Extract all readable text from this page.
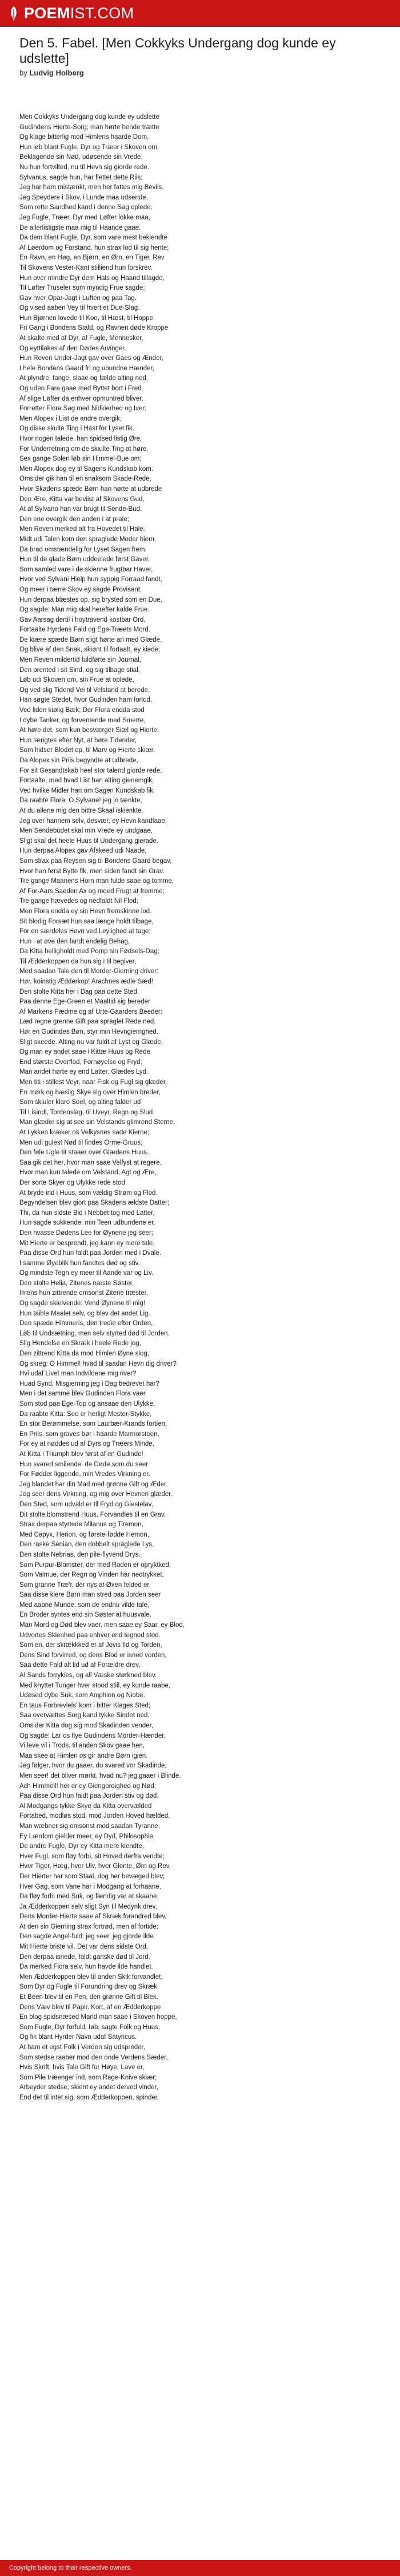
POEMIST.COM
Den 5. Fabel. [Men Cokkyks Undergang dog kunde ey udslette]
by Ludvig Holberg
Men Cokkyks Undergang dog kunde ey udslette
Gudindens Hierte-Sorg; man hørte hende trætte
Og klage bitterlig mod Himlens haarde Dom,
Hun løb blant Fugle, Dyr og Træer i Skoven om,
Beklagende sin Nød, udøsende sin Vrede.
Nu hun fortvilted, nu til Hevn sig giorde rede.
Sylvanus, sagde hun, har flettet dette Riis;
Jeg har ham mistænkt, men her fattes mig Beviis.
Jeg Speydere i Skov, i Lunde maa udsende,
Som rette Sandhed kand i denne Sag oplede;
Jeg Fugle, Træer, Dyr med Løfter lokke maa,
De allerlistigste maa mig til Haande gaae.
Da dem blant Fugle, Dyr, som vare mest bekiendte
Af Løerdom og Forstand, hun strax lod til sig hente;
En Ravn, en Høg, en Bjørn, en Ørn, en Tiger, Rev
Til Skovens Vester-Kant stilliend hun forskrev.
Hun over mindre Dyr dem Hals og Haand tillagde,
Til Løfter Truseler som myndig Frue sagde;
Gav hver Opar-Jagt i Luften og paa Tag.
Og vised aaben Vey til hvert et Due-Slag.
Hun Bjørnen lovede til Koe, til Hæst, til Hoppe
Fri Gang i Bondens Stald, og Ravnen døde Kroppe
At skalte med af Dyr, af Fugle, Mennesker,
Og eyttilakes af den Dødes Arvinger.
Hun Reven Under-Jagt gav over Gaes og Ænder,
I hele Bondens Gaard fri og ubundne Hænder,
At plyndre, fange, slaae og fælde alting ned,
Og uden Fare gaae med Byttet bort i Fred.
Af slige Løfter da enhver opmuntred bliver,
Forretter Flora Sag med Nidkierhed og Iver;
Men Alopex i List de andre overgik,
Og disse skulte Ting i Hast for Lyset fik.
Hvor nogen talede, han spidsed listig Øre,
For Underretning om de skiulte Ting at høre.
Sex gange Solen løb sin Himmel-Bue om;
Men Alopex dog ey til Sagens Kundskab kom.
Omsider gik han til en snaksom Skade-Rede,
Hvor Skadens spæde Børn han hørte at udbrede
Den Ære, Kitta var beviist af Skovens Gud,
At af Sylvano han var brugt til Sende-Bud.
Den ene overgik den anden i at prale;
Men Reven merked alt fra Hovedet til Hale.
Midt udi Talen kom den spraglede Moder hiem,
Da brad omstændelig for Lyset Sagen frem.
Hun til de glade Børn uddeelede først Gaver,
Som samled vare i de skienne frugtbar Haver,
Hvor ved Sylvani Hielp hun syppig Forraad fandt,
Og meer i tærre Skov ey sagde Provisant.
Hun derpaa blæstes op, sig brysted som en Due,
Og sagde: Man mig skal herefter kalde Frue.
Gav Aarsag dertil i hoytravend kostbar Ord,
Fortaalte Hyrdens Fald og Ege-Træets Mord.
De kiære spæde Børn sligt hørte an med Glæde,
Og blive af den Snak, skiønt til fortaalt, ey kiede;
Men Reven mildertid fuldførte sin Journal,
Den prented i sit Sind, og sig tilbage stial,
Løb udi Skoven om, sin Frue at oplede,
Og ved slig Tidend Vei til Velstand at berede.
Han søgte Stedet, hvor Gudinden ham forlod,
Ved liden kiølig Bæk; Der Flora endda stod
I dybe Tanker, og forventende med Smerte,
At høre det, som kun besværger Siæl og Hierte.
Hun længtes efter Nyt, at høre Tidender,
Som hidser Blodet op, til Marv og Hierte skiær.
Da Alopex sin Priis begyndte at udbrede,
For sit Gesandtskab heel stor talend giorde rede,
Fortaalte, med hvad List han alting gienemgik,
Ved hvilke Midler han om Sagen Kundskab fik.
Da raabte Flora: O Sylvane! jeg jo tænkte,
At du allene mig den bittre Skaal iskienkte.
Jeg over hannem selv, desvær, ey Hevn kandfaae;
Men Sendebudet skal min Vrede ey undgaae,
Sligt skal det heele Huus til Undergang gierade.
Hun derpaa Alopex gav Afskeed udi Naade,
Som strax paa Reysen sig til Bondens Gaard begav,
Hvor han først Bytte fik, men siden fandt sin Grav.
Tre gange Maanens Horn man fulde saae og tomme,
Af For-Aars Saeden Ax og moed Frugt at fromme;
Tre gange hævedes og nedfaldt Nil Flod;
Men Flora endda ey sin Hevn fremskinne lod.
Sit blodig Forsæt hun saa længe holdt tilbage,
For en særdeles Hevn ved Leylighed at tage;
Hun i at øve den fandt endelig Behag,
Da Kitta helligholdt med Pomp sin Fødsels-Dag;
Til Ædderkoppen da hun sig i til begiver,
Med saadan Tale den til Morder-Gierning driver:
Hør, koinstig Ædderkop! Arachnes ædle Sæd!
Den stolte Kitta her i Dag paa dette Sted,
Paa denne Ege-Green et Maaltid sig bereder
Af Markens Fædme og af Urte-Gaarders Beeder;
Læd regne grenne Gift paa spraglet Rede ned,
Hør en Gudindes Bøn, styr min Hevngierrighed.
Sligt skeede. Alting nu var fuldt af Lyst og Glæde,
Og man ey andet saae i Kittæ Huus og Rede
End største Overflod, Fornøyelse og Fryd;
Man andet hørte ey end Latter, Glædes Lyd.
Men titi i stillest Veyr, naar Fisk og Fugl sig glæder,
En mørk og hæslig Skye sig over Himlen breder,
Som skiuler klare Soel, og alting falder ud
Til Lisindl, Tordenslag, til Uveyr, Regn og Slud.
Man glæder sig at see sin Velstands glimrend Sterne,
At Lykken kræker os Velkysnes sade Kierne;
Men udi gulest Nød til findes Orme-Gruus,
Den føle Ugle tit staaer over Glædens Huus.
Saa gik det her, hvor man saae Velfyst at regere,
Hvor man kun talede om Velstand, Agt og Ære,
Der sorte Skyer og Ulykke rede stod
At bryde ind i Huus, som vældig Strøm og Flod.
Begyndelsen blev giort paa Skadens ældste Datter;
Thi, da hun sidste Bid i Nebbet tog med Latter,
Hun sagde sukkende: min Teen udbundene er,
Den hvasse Dødens Lee for Øynene jeg seer;
Mit Hierte er besprendt, jeg kann ey mere tale.
Paa disse Ord hun faldt paa Jorden med i Dvale.
I samme Øyeblik hun fandtes død og stiv,
Og mindste Tegn ey meer til Aande var og Liv.
Den stolte Helia, Zitenes næste Søster,
Imens hun zittrende omsonst Zitene træster,
Og sagde skielvende: Vend Øynene til mig!
Hun taible Maalet selv, og blev det andet Lig.
Den spæde Himmeris, den tredie efter Orden,
Løb til Undsætning, men selv styrted død til Jorden.
Slig Hendelse en Skræk i heele Rede jog,
Den zittrend Kitta da mod Himlen Øyne slog,
Og skreg: O Himmel! hvad til saadan Hevn dig driver?
Hvi udaf Livet man Indvildene mig river?
Huad Synd, Misgierning jeg i Dag bedrevet har?
Men i det samme blev Gudinden Flora vaer,
Som stod paa Ege-Top og ansaae den Ulykke.
Da raabte Kitta: See er herligt Mester-Stykke,
En stor Berømmelse, som Laurbær-Krands fortien,
En Priis, som graves bør i haarde Marmorsteen,
For ey at nøddes ud af Dyrs og Træers Minde,
At Kitta i Triumph blev først af en Gudinde!
Hun svared smilende: de Døde,som du seer
For Fødder liggende, min Vredes Virkning er.
Jeg blandet har din Mad med grønne Gift og Æder.
Jeg seer dens Virkning, og mig over Hevnen glæder.
Den Sted, som udvald er til Fryd og Giestelav,
Dit stolte blomstrend Huus, Forvandles til en Grav.
Strax derpaa styrtede Milanus og Tiremon,
Med Capyx, Herion, og første-fødde Hemon,
Den raske Senian, den dobbelt spraglede Lys,
Den stolte Nebrias, den pile-flyvend Drys.
Som Purpur-Blomster, der med Roden er opryktked,
Som Valmue, der Regn og Vinden har nedtrykket,
Som granne Træ'r, der nys af Øxen felded er,
Saa disse kiere Børn man stred paa Jorden seer
Med aabne Munde, som de endnu vilde tale,
En Broder syntes end sin Søster at huusvale.
Man Mord og Død blev vaer, men saae ey Saar, ey Blod,
Udvortes Skienhed paa enhver end tegned stod.
Som en, der skrækkked er af Jovis Ild og Torden,
Dens Sind forvirred, og dens Blod er isned vorden,
Saa dette Fald alt lid ud af Forældre drev,
Al Sands forrykies, og all Væske størkned blev.
Med knyttet Tunger hver stood stiil, ey kunde raabe,
Udøsed dybe Suk, som Amphion og Niobe.
En taus Forbrevlels' kom i bitter Klages Sted;
Saa overvættes Sorg kand tykke Sindet ned.
Omsider Kitta dog sig mod Skadinden vender,
Og sagde: Lar os flye Gudindens Morder-Hænder.
Vi leve vil i Trods, til anden Skov gaae hen,
Maa skee at Himlen os gir andre Børn igien.
Jeg følger, hvor du gaaer, du svared vor Skadinde;
Men seer! det bliver mørkt, hvad nu? jeg gaaer i Blinde.
Ach Himmell! her er ey Giengordighed og Nød;
Paa disse Ord hun faldt paa Jorden stiv og død.
Al Modgangs tykke Skye da Kitta overvælded
Fortabed, modløs stod, mod Jorden Hoved hælded.
Man wæbner sig omsonst mod saadan Tyranne,
Ey Lærdom gielder meer, ey Dyd, Philosophie.
De andre Fugle, Dyr ey Kitta mere kiendte,
Hver Fugl, som fløy forbi, sit Hoved derfra vendte;
Hver Tiger, Hæg, hver Ulv, hver Glente, Ørn og Rev,
Der Hierter har som Staal, dog her bevæged blev;
Hver Gag, som Vane har i Modgang at forhaane,
Da fløy forbi med Suk, og fændig var at skaane.
Ja Ædderkoppen selv sligt Syn til Medynk drev,
Dens Morder-Hierte saae af Skræk forandred blev,
At den sin Gierning strax fortrød, men af fortide;
Den sagde Angel-fuld: jeg seer, jeg gjorde ilde.
Mit Hierte briste vil. Det var dens sidste Ord,
Den derpaa isnede, faldt ganske død til Jord.
Da merked Flora selv, hun havde ilde handlet.
Men Ædderkoppen blev til anden Skik forvandlet,
Som Dyr og Fugle til Forundring drev og Skræk.
Et Been blev til en Pen, den grønne Gift til Blek.
Dens Væv blev til Papir. Kort, af en Ædderkoppe
En blog spidsnæsed Mand man saae i Skoven hoppe,
Som Fugle, Dyr forfuld, løb, sagte Folk og Huus,
Og fik blant Hyrder Navn udaf Satyricus.
At ham et egst Folk i Verden sig udspreder,
Som stedse raaber mod den onde Verdens Sæder,
Hvis Skrift, hvis Tale Gift for Høye, Lave er,
Som Pile træenger ind, som Rage-Knive skiær;
Arbeyder stedse, skient ey andet derved vinder,
End det til intet sig, som Ædderkoppen, spinder.
Copyright belong to their respective owners.
